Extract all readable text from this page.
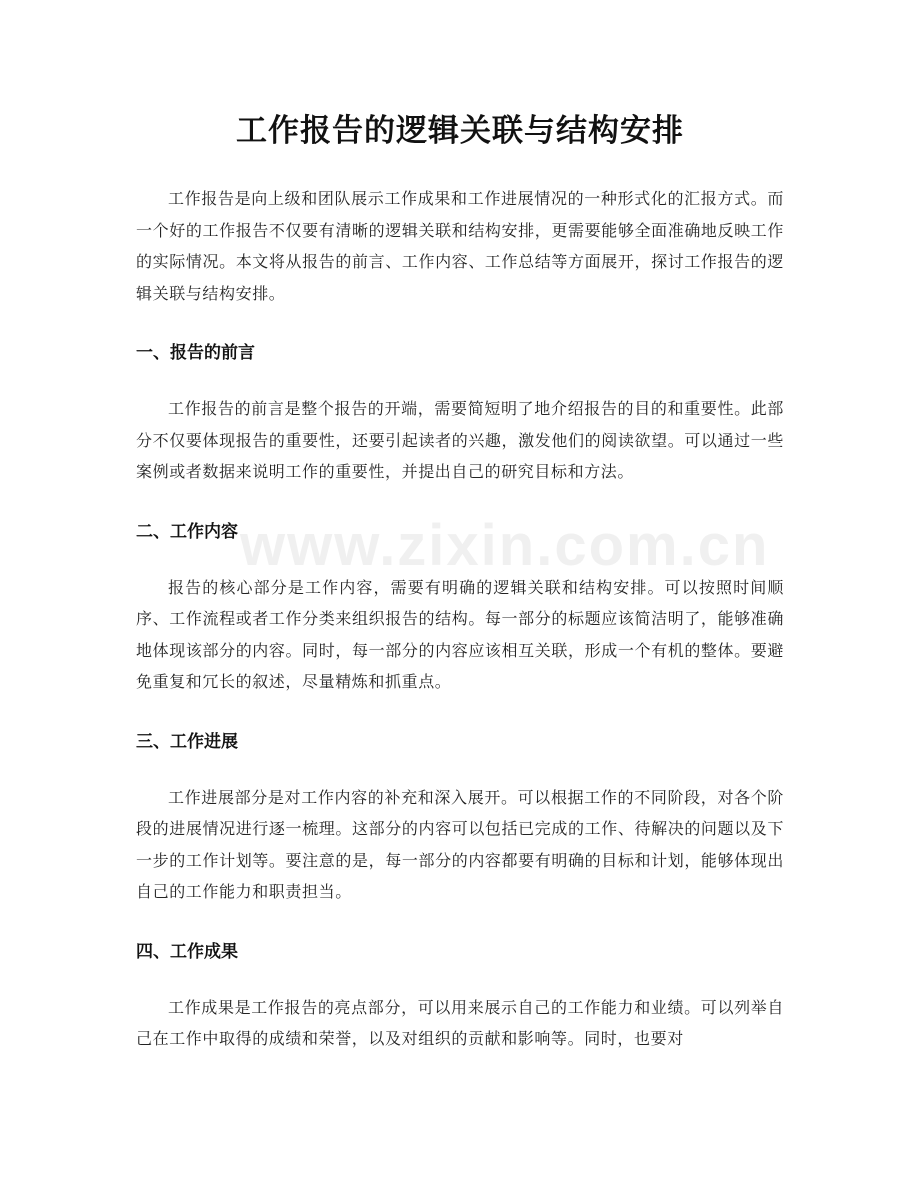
工作报告的逻辑关联与结构安排

工作报告是向上级和团队展示工作成果和工作进展情况的一种形式化的汇报方式。而一个好的工作报告不仅要有清晰的逻辑关联和结构安排，更需要能够全面准确地反映工作的实际情况。本文将从报告的前言、工作内容、工作总结等方面展开，探讨工作报告的逻辑关联与结构安排。

一、报告的前言

工作报告的前言是整个报告的开端，需要简短明了地介绍报告的目的和重要性。此部分不仅要体现报告的重要性，还要引起读者的兴趣，激发他们的阅读欲望。可以通过一些案例或者数据来说明工作的重要性，并提出自己的研究目标和方法。

二、工作内容

报告的核心部分是工作内容，需要有明确的逻辑关联和结构安排。可以按照时间顺序、工作流程或者工作分类来组织报告的结构。每一部分的标题应该简洁明了，能够准确地体现该部分的内容。同时，每一部分的内容应该相互关联，形成一个有机的整体。要避免重复和冗长的叙述，尽量精炼和抓重点。

三、工作进展

工作进展部分是对工作内容的补充和深入展开。可以根据工作的不同阶段，对各个阶段的进展情况进行逐一梳理。这部分的内容可以包括已完成的工作、待解决的问题以及下一步的工作计划等。要注意的是，每一部分的内容都要有明确的目标和计划，能够体现出自己的工作能力和职责担当。

四、工作成果

工作成果是工作报告的亮点部分，可以用来展示自己的工作能力和业绩。可以列举自己在工作中取得的成绩和荣誉，以及对组织的贡献和影响等。同时，也要对

www.zixin.com.cn
